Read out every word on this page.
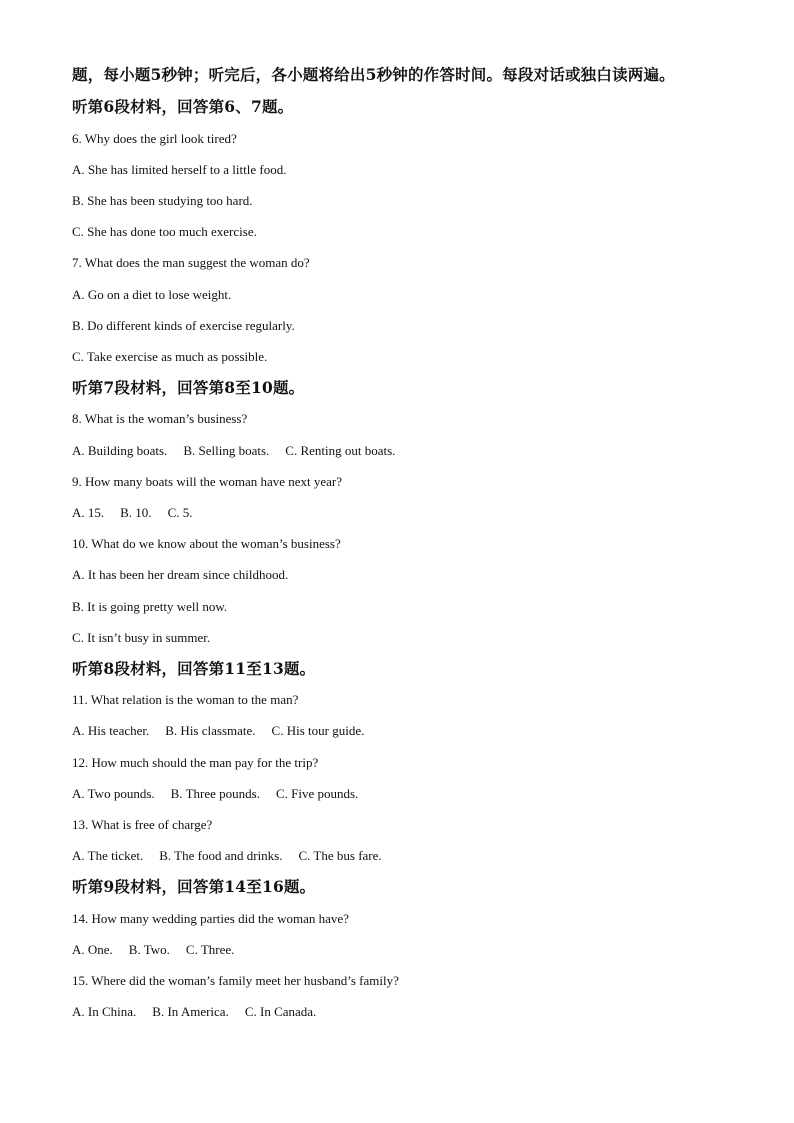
题，每小题5秒钟；听完后，各小题将给出5秒钟的作答时间。每段对话或独白读两遍。
听第6段材料，回答第6、7题。
6. Why does the girl look tired?
A. She has limited herself to a little food.
B. She has been studying too hard.
C. She has done too much exercise.
7. What does the man suggest the woman do?
A. Go on a diet to lose weight.
B. Do different kinds of exercise regularly.
C. Take exercise as much as possible.
听第7段材料，回答第8至10题。
8. What is the woman’s business?
A. Building boats. B. Selling boats. C. Renting out boats.
9. How many boats will the woman have next year?
A. 15. B. 10. C. 5.
10. What do we know about the woman’s business?
A. It has been her dream since childhood.
B. It is going pretty well now.
C. It isn’t busy in summer.
听第8段材料，回答第11至13题。
11. What relation is the woman to the man?
A. His teacher. B. His classmate. C. His tour guide.
12. How much should the man pay for the trip?
A. Two pounds. B. Three pounds. C. Five pounds.
13. What is free of charge?
A. The ticket. B. The food and drinks. C. The bus fare.
听第9段材料，回答第14至16题。
14. How many wedding parties did the woman have?
A. One. B. Two. C. Three.
15. Where did the woman’s family meet her husband’s family?
A. In China. B. In America. C. In Canada.
